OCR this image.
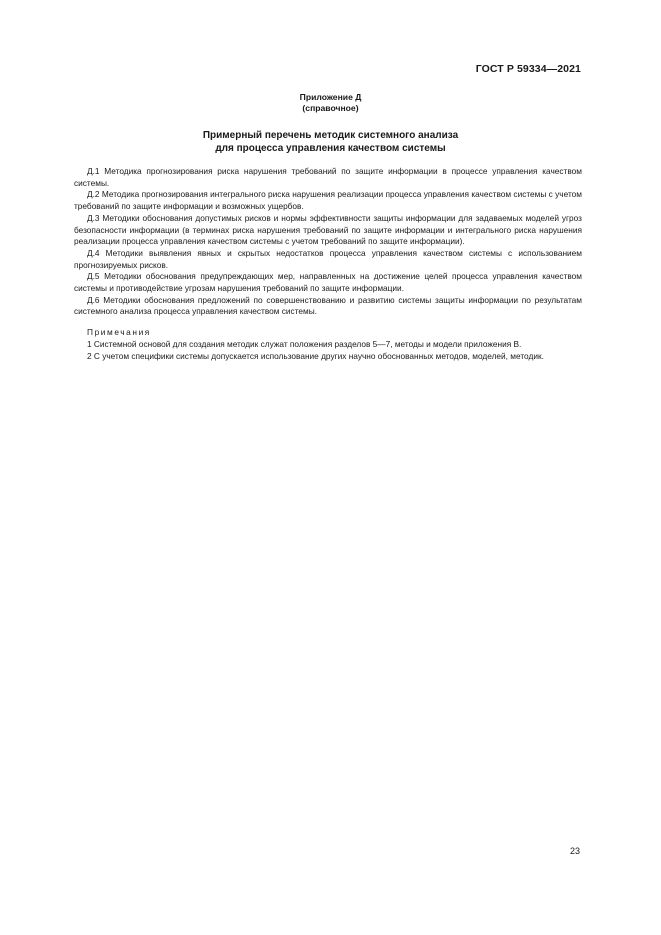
ГОСТ Р 59334—2021
Приложение Д
(справочное)
Примерный перечень методик системного анализа
для процесса управления качеством системы

Д.1 Методика прогнозирования риска нарушения требований по защите информации в процессе управления качеством системы.

Д.2 Методика прогнозирования интегрального риска нарушения реализации процесса управления качеством системы с учетом требований по защите информации и возможных ущербов.

Д.3 Методики обоснования допустимых рисков и нормы эффективности защиты информации для задаваемых моделей угроз безопасности информации (в терминах риска нарушения требований по защите информации и интегрального риска нарушения реализации процесса управления качеством системы с учетом требований по защите информации).

Д.4 Методики выявления явных и скрытых недостатков процесса управления качеством системы с использованием прогнозируемых рисков.

Д.5 Методики обоснования предупреждающих мер, направленных на достижение целей процесса управления качеством системы и противодействие угрозам нарушения требований по защите информации.

Д.6 Методики обоснования предложений по совершенствованию и развитию системы защиты информации по результатам системного анализа процесса управления качеством системы.

Примечания

1 Системной основой для создания методик служат положения разделов 5—7, методы и модели приложения В.

2 С учетом специфики системы допускается использование других научно обоснованных методов, моделей, методик.

23
